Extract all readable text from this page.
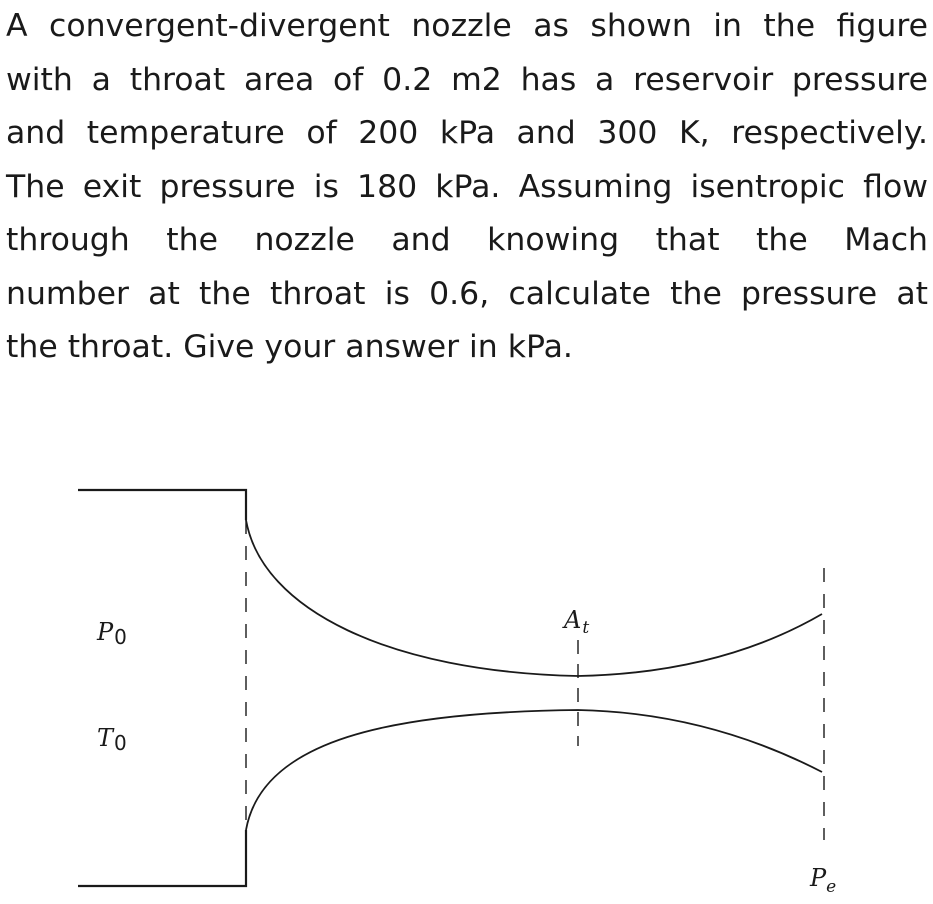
A convergent-divergent nozzle as shown in the figure
with a throat area of 0.2 m2 has a reservoir pressure
and temperature of 200 kPa and 300 K, respectively.
The exit pressure is 180 kPa. Assuming isentropic flow
through the nozzle and knowing that the Mach
number at the throat is 0.6, calculate the pressure at
the throat. Give your answer in kPa.
P0
T0
$A_t$
$P_e$
